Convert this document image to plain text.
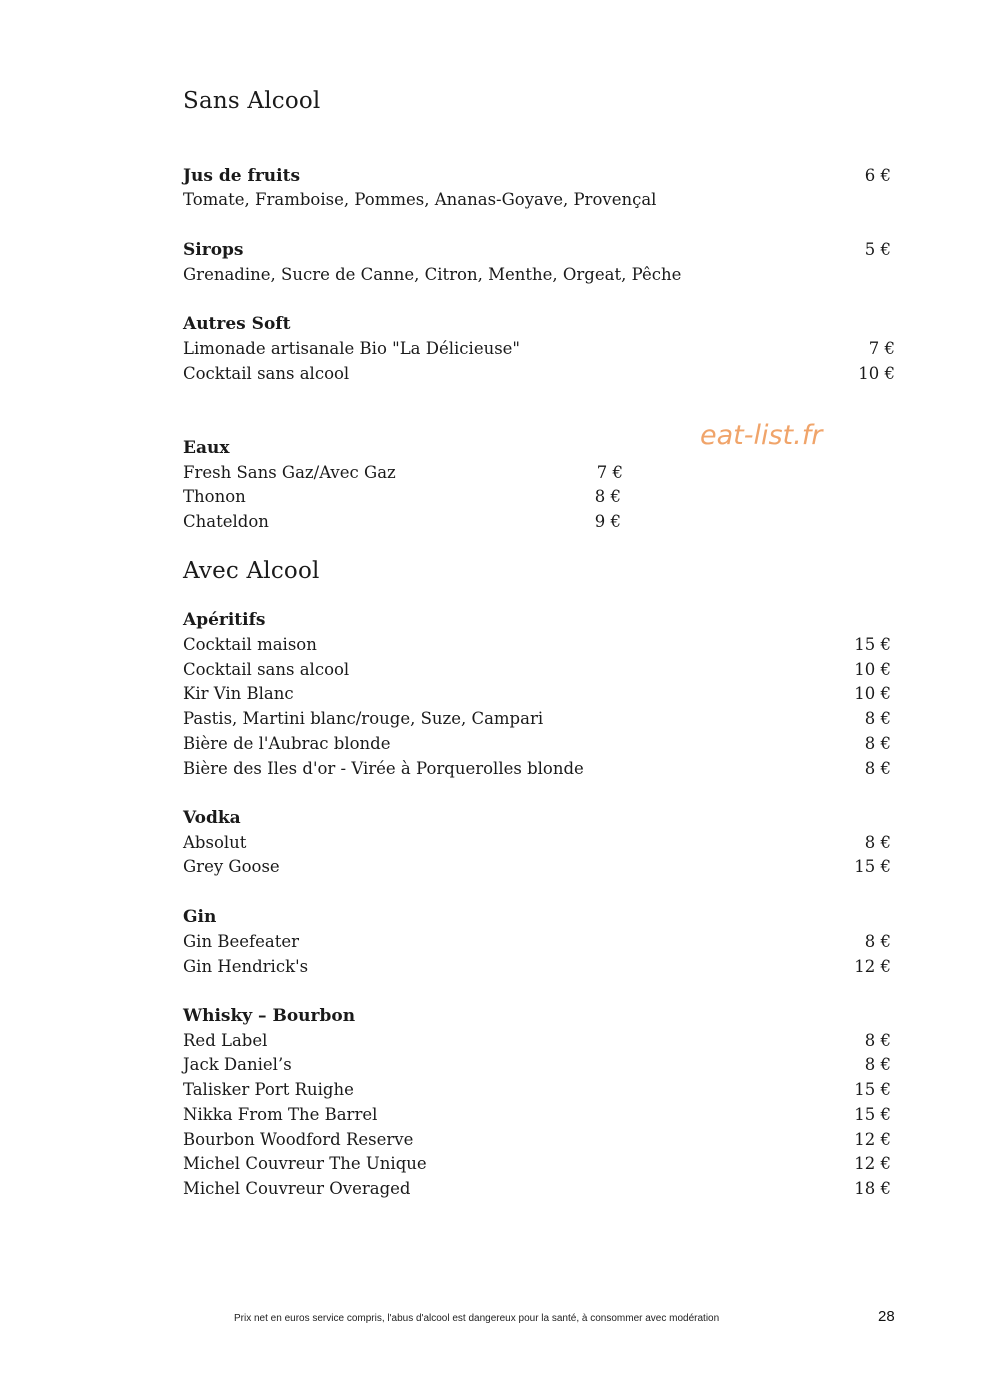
Sans Alcool
Jus de fruits	6 €
Tomate, Framboise, Pommes, Ananas-Goyave, Provençal
Sirops	5 €
Grenadine, Sucre de Canne, Citron, Menthe, Orgeat, Pêche
Autres Soft
Limonade artisanale Bio "La Délicieuse"	7 €
Cocktail sans alcool	10 €
eat-list.fr
Eaux
Fresh Sans Gaz/Avec Gaz	7 €
Thonon	8 €
Chateldon	9 €
Avec Alcool
Apéritifs
Cocktail maison	15 €
Cocktail sans alcool	10 €
Kir Vin Blanc	10 €
Pastis, Martini blanc/rouge, Suze, Campari	8 €
Bière de l'Aubrac blonde	8 €
Bière des Iles d'or - Virée à Porquerolles blonde	8 €
Vodka
Absolut	8 €
Grey Goose	15 €
Gin
Gin Beefeater	8 €
Gin Hendrick's	12 €
Whisky – Bourbon
Red Label	8 €
Jack Daniel’s	8 €
Talisker Port Ruighe	15 €
Nikka From The Barrel	15 €
Bourbon Woodford Reserve	12 €
Michel Couvreur The Unique	12 €
Michel Couvreur Overaged	18 €
Prix net en euros service compris, l'abus d'alcool est dangereux pour la santé, à consommer avec modération	28
